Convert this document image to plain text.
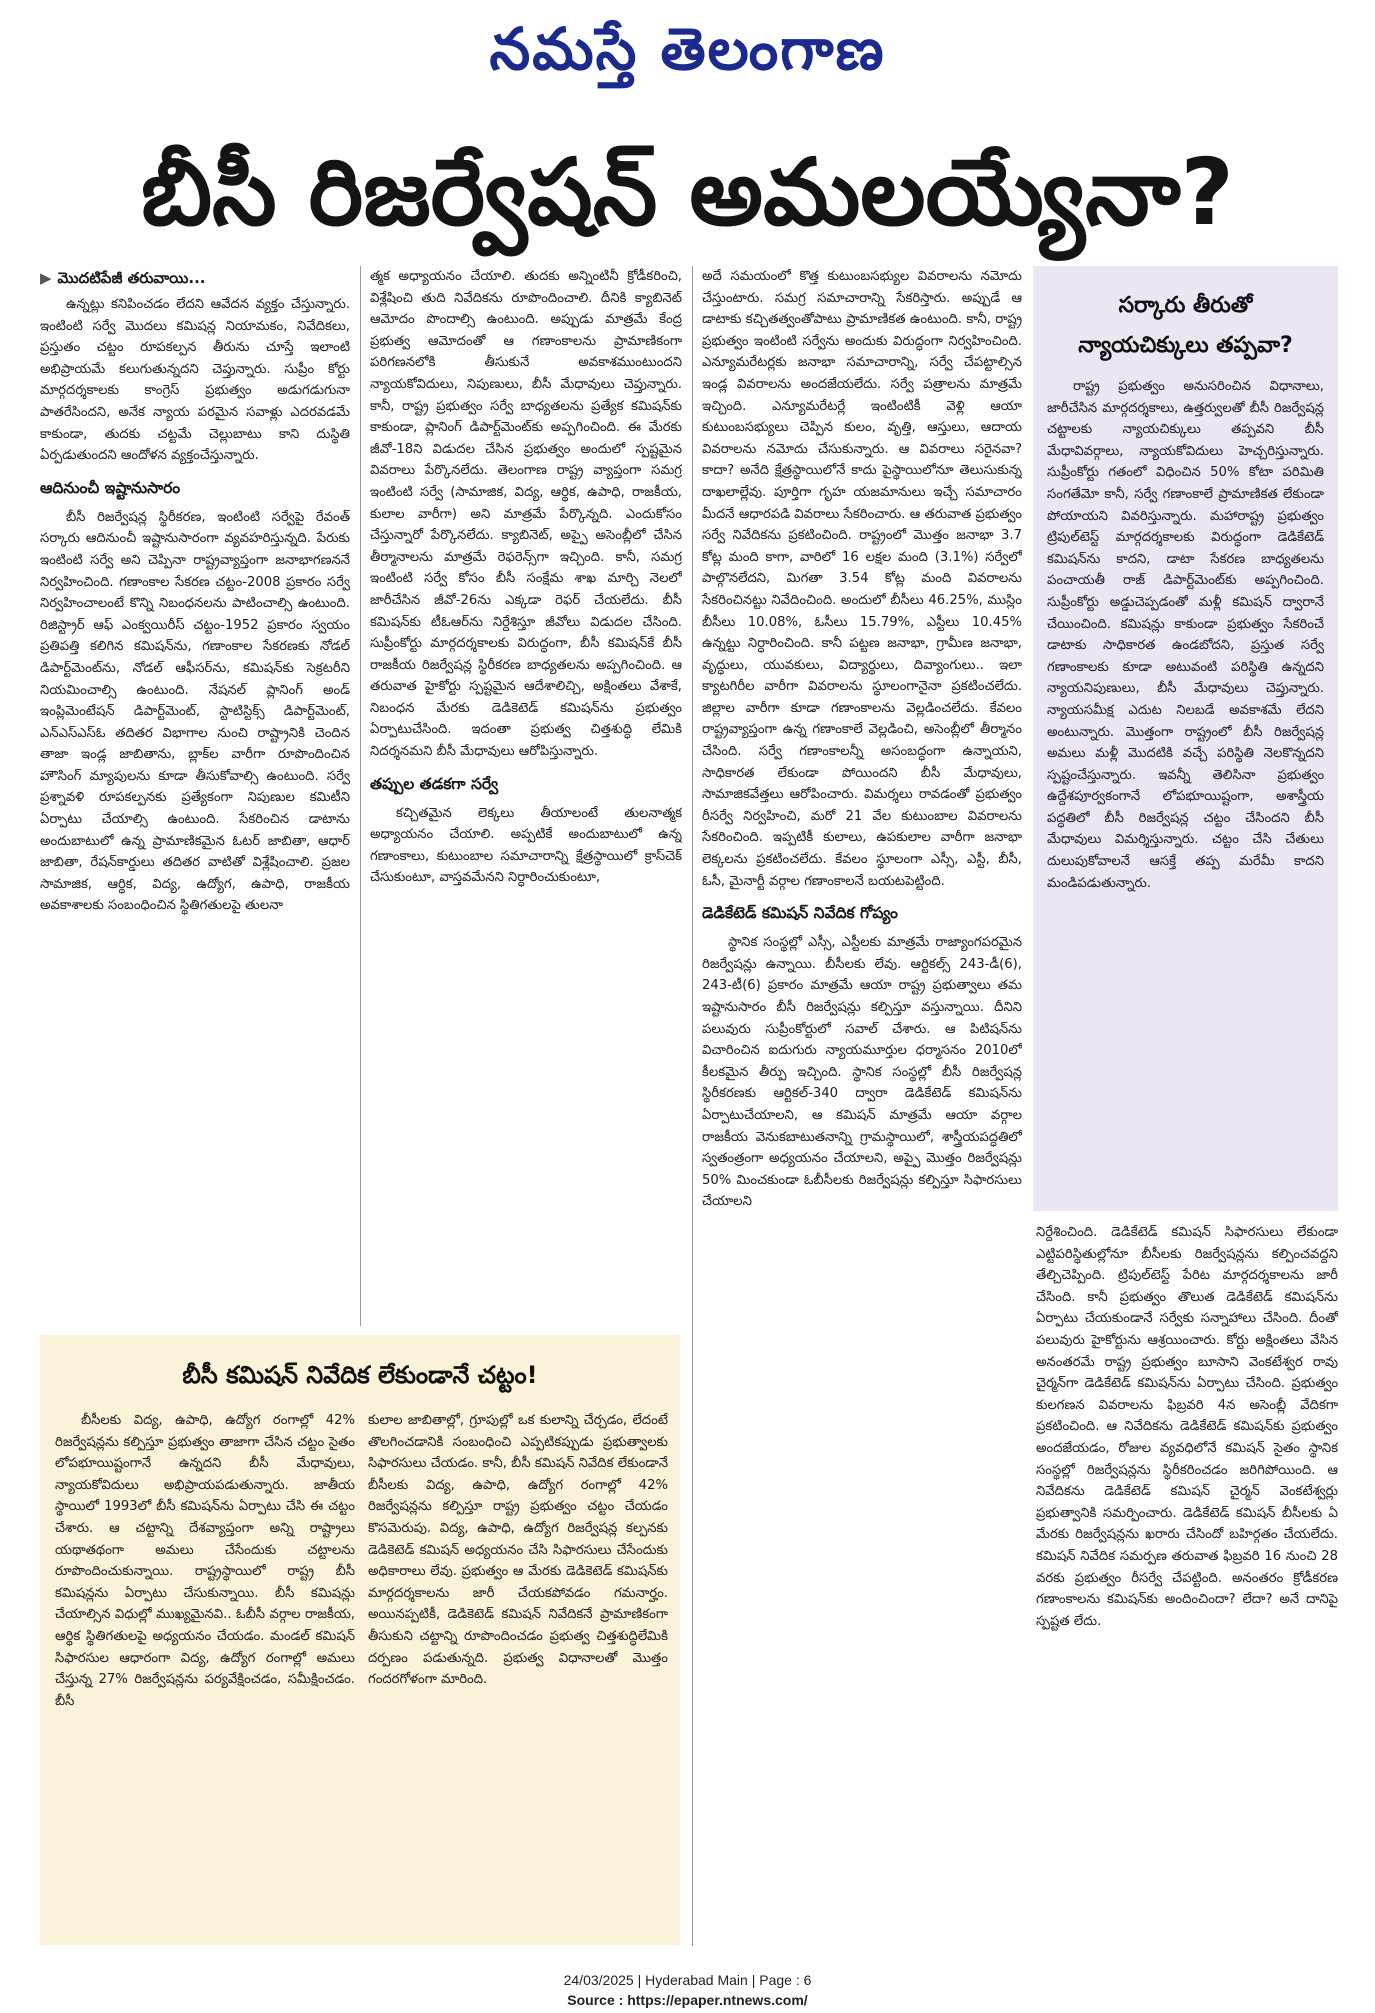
నమస్తే తెలంగాణ
బీసీ రిజర్వేషన్ అమలయ్యేనా?
▶ మొదటిపేజీ తరువాయి...

ఉన్నట్లు కనిపించడం లేదని ఆవేదన వ్యక్తం చేస్తున్నారు. ఇంటింటి సర్వే మొదలు కమిషన్ల నియామకం, నివేదికలు, ప్రస్తుతం చట్టం రూపకల్పన తీరును చూస్తే ఇలాంటి అభిప్రాయమే కలుగుతున్నదని చెప్తున్నారు. సుప్రీం కోర్టు మార్గదర్శకాలకు కాంగ్రెస్ ప్రభుత్వం అడుగడుగునా పాతరేసిందని, అనేక న్యాయ పరమైన సవాళ్లు ఎదరవడమే కాకుండా, తుదకు చట్టమే చెల్లుబాటు కాని దుస్థితి ఏర్పడుతుందని ఆందోళన వ్యక్తంచేస్తున్నారు.

ఆదినుంచీ ఇష్టానుసారం

బీసీ రిజర్వేషన్ల స్థిరీకరణ, ఇంటింటి సర్వేపై రేవంత్ సర్కారు ఆదినుంచీ ఇష్టానుసారంగా వ్యవహరిస్తున్నది. పేరుకు ఇంటింటి సర్వే అని చెప్పినా రాష్ట్రవ్యాప్తంగా జనాభాగణననే నిర్వహించింది. గణాంకాల సేకరణ చట్టం-2008 ప్రకారం సర్వే నిర్వహించాలంటే కొన్ని నిబంధనలను పాటించాల్సి ఉంటుంది. రిజిస్ట్రార్ ఆఫ్ ఎంక్వయిరీస్ చట్టం-1952 ప్రకారం స్వయం ప్రతిపత్తి కలిగిన కమిషన్‌ను, గణాంకాల సేకరణకు నోడల్ డిపార్ట్‌మెంట్‌ను, నోడల్ ఆఫీసర్‌ను, కమిషన్‌కు సెక్రటరీని నియమించాల్సి ఉంటుంది. నేషనల్ ప్లానింగ్ అండ్ ఇంప్లిమెంటేషన్ డిపార్ట్‌మెంట్, స్టాటిస్టిక్స్ డిపార్ట్‌మెంట్, ఎన్‌ఎస్‌ఎస్‌ఓ తదితర విభాగాల నుంచి రాష్ట్రానికి చెందిన తాజా ఇండ్ల జాబితాను, బ్లాక్‌ల వారీగా రూపొందించిన హౌసింగ్ మ్యాపులను కూడా తీసుకోవాల్సి ఉంటుంది. సర్వే ప్రశ్నావళి రూపకల్పనకు ప్రత్యేకంగా నిపుణుల కమిటీని ఏర్పాటు చేయాల్సి ఉంటుంది. సేకరించిన డాటాను అందుబాటులో ఉన్న ప్రామాణికమైన ఓటర్ జాబితా, ఆధార్ జాబితా, రేషన్‌కార్డులు తదితర వాటితో విశ్లేషించాలి. ప్రజల సామాజిక, ఆర్థిక, విద్య, ఉద్యోగ, ఉపాధి, రాజకీయ అవకాశాలకు సంబంధించిన స్థితిగతులపై తులనా

త్మక అధ్యాయనం చేయాలి. తుదకు అన్నింటినీ క్రోడీకరించి, విశ్లేషించి తుది నివేదికను రూపొందించాలి. దీనికి క్యాబినెట్ ఆమోదం పొందాల్సి ఉంటుంది. అప్పుడు మాత్రమే కేంద్ర ప్రభుత్వ ఆమోదంతో ఆ గణాంకాలను ప్రామాణికంగా పరిగణనలోకి తీసుకునే అవకాశముంటుందని న్యాయకోవిదులు, నిపుణులు, బీసీ మేధావులు చెప్తున్నారు. కానీ, రాష్ట్ర ప్రభుత్వం సర్వే బాధ్యతలను ప్రత్యేక కమిషన్‌కు కాకుండా, ప్లానింగ్ డిపార్ట్‌మెంట్‌కు అప్పగించింది. ఈ మేరకు జీవో-18ని విడుదల చేసిన ప్రభుత్వం అందులో స్పష్టమైన వివరాలు పేర్కొనలేదు. తెలంగాణ రాష్ట్ర వ్యాప్తంగా సమగ్ర ఇంటింటి సర్వే (సామాజిక, విద్య, ఆర్థిక, ఉపాధి, రాజకీయ, కులాల వారీగా) అని మాత్రమే పేర్కొన్నది. ఎందుకోసం చేస్తున్నారో పేర్కొనలేదు. క్యాబినెట్, అప్పై అసెంబ్లీలో చేసిన తీర్మానాలను మాత్రమే రెఫరెన్స్‌గా ఇచ్చింది. కానీ, సమగ్ర ఇంటింటి సర్వే కోసం బీసీ సంక్షేమ శాఖ మార్చి నెలలో జారీచేసిన జీవో-26ను ఎక్కడా రెఫర్ చేయలేదు. బీసీ కమిషన్‌కు టీఓఆర్‌ను నిర్దేశిస్తూ జీవోలు విడుదల చేసింది. సుప్రీంకోర్టు మార్గదర్శకాలకు విరుద్ధంగా, బీసీ కమిషన్‌కే బీసీ రాజకీయ రిజర్వేషన్ల స్థిరీకరణ బాధ్యతలను అప్పగించింది. ఆ తరువాత హైకోర్టు స్పష్టమైన ఆదేశాలిచ్చి, అక్షింతలు వేశాకే, నిబంధన మేరకు డెడికెటెడ్ కమిషన్‌ను ప్రభుత్వం ఏర్పాటుచేసింది. ఇదంతా ప్రభుత్వ చిత్తశుద్ధి లేమికి నిదర్శనమని బీసీ మేధావులు ఆరోపిస్తున్నారు.

తప్పుల తడకగా సర్వే

కచ్చితమైన లెక్కలు తీయాలంటే తులనాత్మక అధ్యాయనం చేయాలి. అప్పటికే అందుబాటులో ఉన్న గణాంకాలు, కుటుంబాల సమాచారాన్ని క్షేత్రస్థాయిలో క్రాస్‌చెక్ చేసుకుంటూ, వాస్తవమేనని నిర్ధారించుకుంటూ,

అదే సమయంలో కొత్త కుటుంబసభ్యుల వివరాలను నమోదు చేస్తుంటారు. సమగ్ర సమాచారాన్ని సేకరిస్తారు. అప్పుడే ఆ డాటాకు కచ్చితత్వంతోపాటు ప్రామాణికత ఉంటుంది. కానీ, రాష్ట్ర ప్రభుత్వం ఇంటింటి సర్వేను అందుకు విరుద్ధంగా నిర్వహించింది. ఎన్యూమరేటర్లకు జనాభా సమాచారాన్ని, సర్వే చేపట్టాల్సిన ఇండ్ల వివరాలను అందజేయలేదు. సర్వే పత్రాలను మాత్రమే ఇచ్చింది. ఎన్యూమరేటర్లే ఇంటింటికీ వెళ్లి ఆయా కుటుంబసభ్యులు చెప్పిన కులం, వృత్తి, ఆస్తులు, ఆదాయ వివరాలను నమోదు చేసుకున్నారు. ఆ వివరాలు సరైనవా? కాదా? అనేది క్షేత్రస్థాయిలోనే కాదు పైస్థాయిలోనూ తెలుసుకున్న దాఖలాల్లేవు. పూర్తిగా గృహ యజమానులు ఇచ్చే సమాచారం మీదనే ఆధారపడి వివరాలు సేకరించారు. ఆ తరువాత ప్రభుత్వం సర్వే నివేదికను ప్రకటించింది. రాష్ట్రంలో మొత్తం జనాభా 3.7 కోట్ల మంది కాగా, వారిలో 16 లక్షల మంది (3.1%) సర్వేలో పాల్గొనలేదని, మిగతా 3.54 కోట్ల మంది వివరాలను సేకరించినట్టు నివేదించింది. అందులో బీసీలు 46.25%, ముస్లిం బీసీలు 10.08%, ఓసీలు 15.79%, ఎస్టీలు 10.45% ఉన్నట్టు నిర్ధారించింది. కానీ పట్టణ జనాభా, గ్రామీణ జనాభా, వృద్ధులు, యువకులు, విద్యార్థులు, దివ్యాంగులు.. ఇలా క్యాటగిరీల వారీగా వివరాలను స్థూలంగానైనా ప్రకటించలేదు. జిల్లాల వారీగా కూడా గణాంకాలను వెల్లడించలేదు. కేవలం రాష్ట్రవ్యాప్తంగా ఉన్న గణాంకాలే వెల్లడించి, అసెంబ్లీలో తీర్మానం చేసింది. సర్వే గణాంకాలన్నీ అసంబద్ధంగా ఉన్నాయని, సాధికారత లేకుండా పోయిందని బీసీ మేధావులు, సామాజికవేత్తలు ఆరోపించారు. విమర్శలు రావడంతో ప్రభుత్వం రీసర్వే నిర్వహించి, మరో 21 వేల కుటుంబాల వివరాలను సేకరించింది. ఇప్పటికీ కులాలు, ఉపకులాల వారీగా జనాభా లెక్కలను ప్రకటించలేదు. కేవలం స్థూలంగా ఎస్సీ, ఎస్టీ, బీసీ, ఓసీ, మైనార్టీ వర్గాల గణాంకాలనే బయటపెట్టింది.

డెడికేటెడ్ కమిషన్ నివేదిక గోప్యం

స్థానిక సంస్థల్లో ఎస్సీ, ఎస్టీలకు మాత్రమే రాజ్యాంగపరమైన రిజర్వేషన్లు ఉన్నాయి. బీసీలకు లేవు. ఆర్టికల్స్ 243-డీ(6), 243-టీ(6) ప్రకారం మాత్రమే ఆయా రాష్ట్ర ప్రభుత్వాలు తమ ఇష్టానుసారం బీసీ రిజర్వేషన్లు కల్పిస్తూ వస్తున్నాయి. దీనిని పలువురు సుప్రీంకోర్టులో సవాల్ చేశారు. ఆ పిటిషన్‌ను విచారించిన ఐదుగురు న్యాయమూర్తుల ధర్మాసనం 2010లో కీలకమైన తీర్పు ఇచ్చింది. స్థానిక సంస్థల్లో బీసీ రిజర్వేషన్ల స్థిరీకరణకు ఆర్టికల్-340 ద్వారా డెడికేటెడ్ కమిషన్‌ను ఏర్పాటుచేయాలని, ఆ కమిషన్ మాత్రమే ఆయా వర్గాల రాజకీయ వెనుకబాటుతనాన్ని గ్రామస్థాయిలో, శాస్త్రీయపద్ధతిలో స్వతంత్రంగా అధ్యయనం చేయాలని, అప్పై మొత్తం రిజర్వేషన్లు 50% మించకుండా ఓబీసీలకు రిజర్వేషన్లు కల్పిస్తూ సిఫారసులు చేయాలని

సర్కారు తీరుతో
న్యాయచిక్కులు తప్పవా?

రాష్ట్ర ప్రభుత్వం అనుసరించిన విధానాలు, జారీచేసిన మార్గదర్శకాలు, ఉత్తర్వులతో బీసీ రిజర్వేషన్ల చట్టాలకు న్యాయచిక్కులు తప్పవని బీసీ మేధావివర్గాలు, న్యాయకోవిదులు హెచ్చరిస్తున్నారు. సుప్రీంకోర్టు గతంలో విధించిన 50% కోటా పరిమితి సంగతేమో కానీ, సర్వే గణాంకాలే ప్రామాణికత లేకుండా పోయాయని వివరిస్తున్నారు. మహారాష్ట్ర ప్రభుత్వం ట్రిపుల్‌టెస్ట్ మార్గదర్శకాలకు విరుద్ధంగా డెడికేటెడ్ కమిషన్‌ను కాదని, డాటా సేకరణ బాధ్యతలను పంచాయతీ రాజ్ డిపార్ట్‌మెంట్‌కు అప్పగించింది. సుప్రీంకోర్టు అడ్డుచెప్పడంతో మళ్లీ కమిషన్ ద్వారానే చేయించింది. కమిషన్లు కాకుండా ప్రభుత్వం సేకరించే డాటాకు సాధికారత ఉండబోదని, ప్రస్తుత సర్వే గణాంకాలకు కూడా అటువంటి పరిస్థితి ఉన్నదని న్యాయనిపుణులు, బీసీ మేధావులు చెప్తున్నారు. న్యాయసమీక్ష ఎదుట నిలబడే అవకాశమే లేదని అంటున్నారు. మొత్తంగా రాష్ట్రంలో బీసీ రిజర్వేషన్ల అమలు మళ్లీ మొదటికి వచ్చే పరిస్థితి నెలకొన్నదని స్పష్టంచేస్తున్నారు. ఇవన్నీ తెలిసినా ప్రభుత్వం ఉద్దేశపూర్వకంగానే లోపభూయిష్టంగా, అశాస్త్రీయ పద్ధతిలో బీసీ రిజర్వేషన్ల చట్టం చేసిందని బీసీ మేధావులు విమర్శిస్తున్నారు. చట్టం చేసి చేతులు దులుపుకోవాలనే ఆసక్తే తప్ప మరేమీ కాదని మండిపడుతున్నారు.

నిర్దేశించింది. డెడికేటెడ్ కమిషన్ సిఫారసులు లేకుండా ఎట్టిపరిస్థితుల్లోనూ బీసీలకు రిజర్వేషన్లను కల్పించవద్దని తేల్చిచెప్పింది. ట్రిపుల్‌టెస్ట్ పేరిట మార్గదర్శకాలను జారీ చేసింది. కానీ ప్రభుత్వం తొలుత డెడికేటెడ్ కమిషన్‌ను ఏర్పాటు చేయకుండానే సర్వేకు సన్నాహాలు చేసింది. దీంతో పలువురు హైకోర్టును ఆశ్రయించారు. కోర్టు అక్షింతలు వేసిన అనంతరమే రాష్ట్ర ప్రభుత్వం బూసాని వెంకటేశ్వర రావు చైర్మన్‌గా డెడికేటెడ్ కమిషన్‌ను ఏర్పాటు చేసింది. ప్రభుత్వం కులగణన వివరాలను ఫిబ్రవరి 4న అసెంబ్లీ వేదికగా ప్రకటించింది. ఆ నివేదికను డెడికేటెడ్ కమిషన్‌కు ప్రభుత్వం అందజేయడం, రోజుల వ్యవధిలోనే కమిషన్ సైతం స్థానిక సంస్థల్లో రిజర్వేషన్లను స్థిరీకరించడం జరిగిపోయింది. ఆ నివేదికను డెడికేటెడ్ కమిషన్ చైర్మన్ వెంకటేశ్వర్లు ప్రభుత్వానికి సమర్పించారు. డెడికేటెడ్ కమిషన్ బీసీలకు ఏ మేరకు రిజర్వేషన్లను ఖరారు చేసిందో బహిర్గతం చేయలేదు. కమిషన్ నివేదిక సమర్పణ తరువాత ఫిబ్రవరి 16 నుంచి 28 వరకు ప్రభుత్వం రీసర్వే చేపట్టింది. అనంతరం క్రోడీకరణ గణాంకాలను కమిషన్‌కు అందించిందా? లేదా? అనే దానిపై స్పష్టత లేదు.

బీసీ కమిషన్ నివేదిక లేకుండానే చట్టం!

బీసీలకు విద్య, ఉపాధి, ఉద్యోగ రంగాల్లో 42% రిజర్వేషన్లను కల్పిస్తూ ప్రభుత్వం తాజాగా చేసిన చట్టం సైతం లోపభూయిష్టంగానే ఉన్నదని బీసీ మేధావులు, న్యాయకోవిదులు అభిప్రాయపడుతున్నారు. జాతీయ స్థాయిలో 1993లో బీసీ కమిషన్‌ను ఏర్పాటు చేసి ఈ చట్టం చేశారు. ఆ చట్టాన్ని దేశవ్యాప్తంగా అన్ని రాష్ట్రాలు యథాతథంగా అమలు చేసేందుకు చట్టాలను రూపొందించుకున్నాయి. రాష్ట్రస్థాయిలో రాష్ట్ర బీసీ కమిషన్లను ఏర్పాటు చేసుకున్నాయి. బీసీ కమిషన్లు చేయాల్సిన విధుల్లో ముఖ్యమైనవి.. ఓబీసీ వర్గాల రాజకీయ, ఆర్థిక స్థితిగతులపై అధ్యయనం చేయడం. మండల్ కమిషన్ సిఫారసుల ఆధారంగా విద్య, ఉద్యోగ రంగాల్లో అమలు చేస్తున్న 27% రిజర్వేషన్లను పర్యవేక్షించడం, సమీక్షించడం. బీసీ

కులాల జాబితాల్లో, గ్రూపుల్లో ఒక కులాన్ని చేర్చడం, లేదంటే తొలగించడానికి సంబంధించి ఎప్పటికప్పుడు ప్రభుత్వాలకు సిఫారసులు చేయడం. కానీ, బీసీ కమిషన్ నివేదిక లేకుండానే బీసీలకు విద్య, ఉపాధి, ఉద్యోగ రంగాల్లో 42% రిజర్వేషన్లను కల్పిస్తూ రాష్ట్ర ప్రభుత్వం చట్టం చేయడం కొసమెరుపు. విద్య, ఉపాధి, ఉద్యోగ రిజర్వేషన్ల కల్పనకు డెడికెటెడ్ కమిషన్ అధ్యయనం చేసి సిఫారసులు చేసేందుకు అధికారాలు లేవు. ప్రభుత్వం ఆ మేరకు డెడికెటెడ్ కమిషన్‌కు మార్గదర్శకాలను జారీ చేయకపోవడం గమనార్హం. అయినప్పటికీ, డెడికెటెడ్ కమిషన్ నివేదికనే ప్రామాణికంగా తీసుకుని చట్టాన్ని రూపొందించడం ప్రభుత్వ చిత్తశుద్ధిలేమికి దర్పణం పడుతున్నది. ప్రభుత్వ విధానాలతో మొత్తం గందరగోళంగా మారింది.

24/03/2025 | Hyderabad Main | Page : 6
Source : https://epaper.ntnews.com/
